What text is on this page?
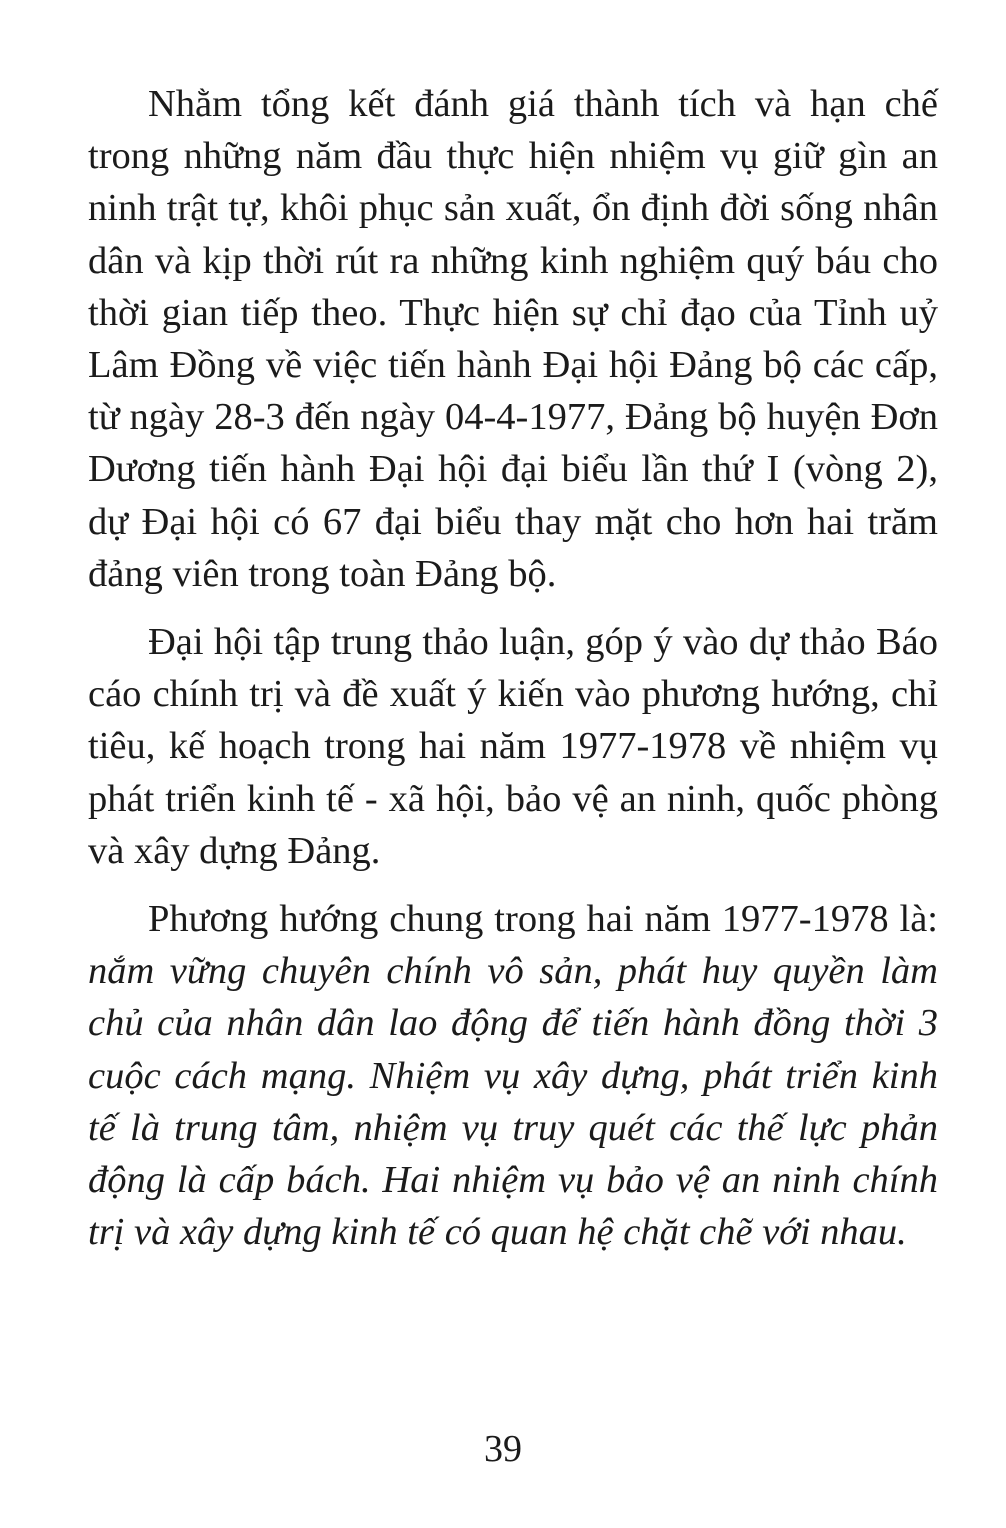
Nhằm tổng kết đánh giá thành tích và hạn chế trong những năm đầu thực hiện nhiệm vụ giữ gìn an ninh trật tự, khôi phục sản xuất, ổn định đời sống nhân dân và kịp thời rút ra những kinh nghiệm quý báu cho thời gian tiếp theo. Thực hiện sự chỉ đạo của Tỉnh uỷ Lâm Đồng về việc tiến hành Đại hội Đảng bộ các cấp, từ ngày 28-3 đến ngày 04-4-1977, Đảng bộ huyện Đơn Dương tiến hành Đại hội đại biểu lần thứ I (vòng 2), dự Đại hội có 67 đại biểu thay mặt cho hơn hai trăm đảng viên trong toàn Đảng bộ.

Đại hội tập trung thảo luận, góp ý vào dự thảo Báo cáo chính trị và đề xuất ý kiến vào phương hướng, chỉ tiêu, kế hoạch trong hai năm 1977-1978 về nhiệm vụ phát triển kinh tế - xã hội, bảo vệ an ninh, quốc phòng và xây dựng Đảng.

Phương hướng chung trong hai năm 1977-1978 là: nắm vững chuyên chính vô sản, phát huy quyền làm chủ của nhân dân lao động để tiến hành đồng thời 3 cuộc cách mạng. Nhiệm vụ xây dựng, phát triển kinh tế là trung tâm, nhiệm vụ truy quét các thế lực phản động là cấp bách. Hai nhiệm vụ bảo vệ an ninh chính trị và xây dựng kinh tế có quan hệ chặt chẽ với nhau.

39
